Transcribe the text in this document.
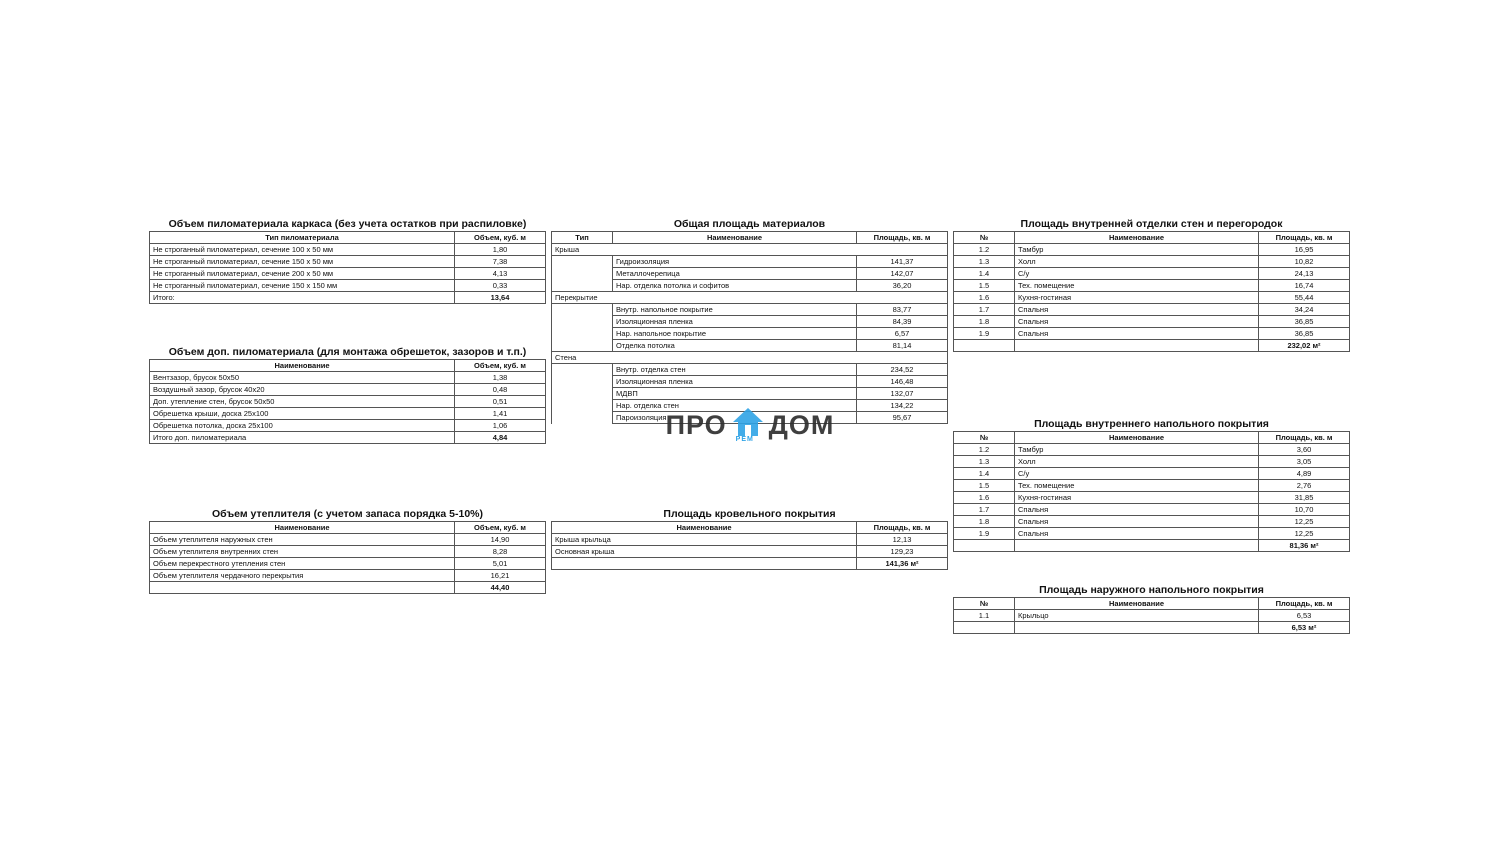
Объем пиломатериала каркаса (без учета остатков при распиловке)
Тип пиломатериала	Объем, куб. м
Не строганный пиломатериал, сечение 100 х 50 мм	1,80
Не строганный пиломатериал, сечение 150 х 50 мм	7,38
Не строганный пиломатериал, сечение 200 х 50 мм	4,13
Не строганный пиломатериал, сечение 150 х 150 мм	0,33
Итого:	13,64
Объем доп. пиломатериала (для монтажа обрешеток, зазоров и т.п.)
Наименование	Объем, куб. м
Вентзазор, брусок 50х50	1,38
Воздушный зазор, брусок 40х20	0,48
Доп. утепление стен, брусок 50х50	0,51
Обрешетка крыши, доска 25х100	1,41
Обрешетка потолка, доска 25х100	1,06
Итого доп. пиломатериала	4,84
Объем утеплителя (с учетом запаса порядка 5-10%)
Наименование	Объем, куб. м
Объем утеплителя наружных стен	14,90
Объем утеплителя внутренних стен	8,28
Объем перекрестного утепления стен	5,01
Объем утеплителя чердачного перекрытия	16,21
	44,40
Общая площадь материалов
Тип	Наименование	Площадь, кв. м
Крыша		
	Гидроизоляция	141,37
	Металлочерепица	142,07
	Нар. отделка потолка и софитов	36,20
Перекрытие		
	Внутр. напольное покрытие	83,77
	Изоляционная пленка	84,39
	Нар. напольное покрытие	6,57
	Отделка потолка	81,14
Стена		
	Внутр. отделка стен	234,52
	Изоляционная пленка	146,48
	МДВП	132,07
	Нар. отделка стен	134,22
	Пароизоляция	95,67
Площадь кровельного покрытия
Наименование	Площадь, кв. м
Крыша крыльца	12,13
Основная крыша	129,23
	141,36 м²
Площадь внутренней отделки стен и перегородок
№	Наименование	Площадь, кв. м
1.2	Тамбур	16,95
1.3	Холл	10,82
1.4	С/у	24,13
1.5	Тех. помещение	16,74
1.6	Кухня-гостиная	55,44
1.7	Спальня	34,24
1.8	Спальня	36,85
1.9	Спальня	36,85
		232,02 м²
Площадь внутреннего напольного покрытия
№	Наименование	Площадь, кв. м
1.2	Тамбур	3,60
1.3	Холл	3,05
1.4	С/у	4,89
1.5	Тех. помещение	2,76
1.6	Кухня-гостиная	31,85
1.7	Спальня	10,70
1.8	Спальня	12,25
1.9	Спальня	12,25
		81,36 м²
Площадь наружного напольного покрытия
№	Наименование	Площадь, кв. м
1.1	Крыльцо	6,53
		6,53 м²
ПРО РЕМ ДОМ
